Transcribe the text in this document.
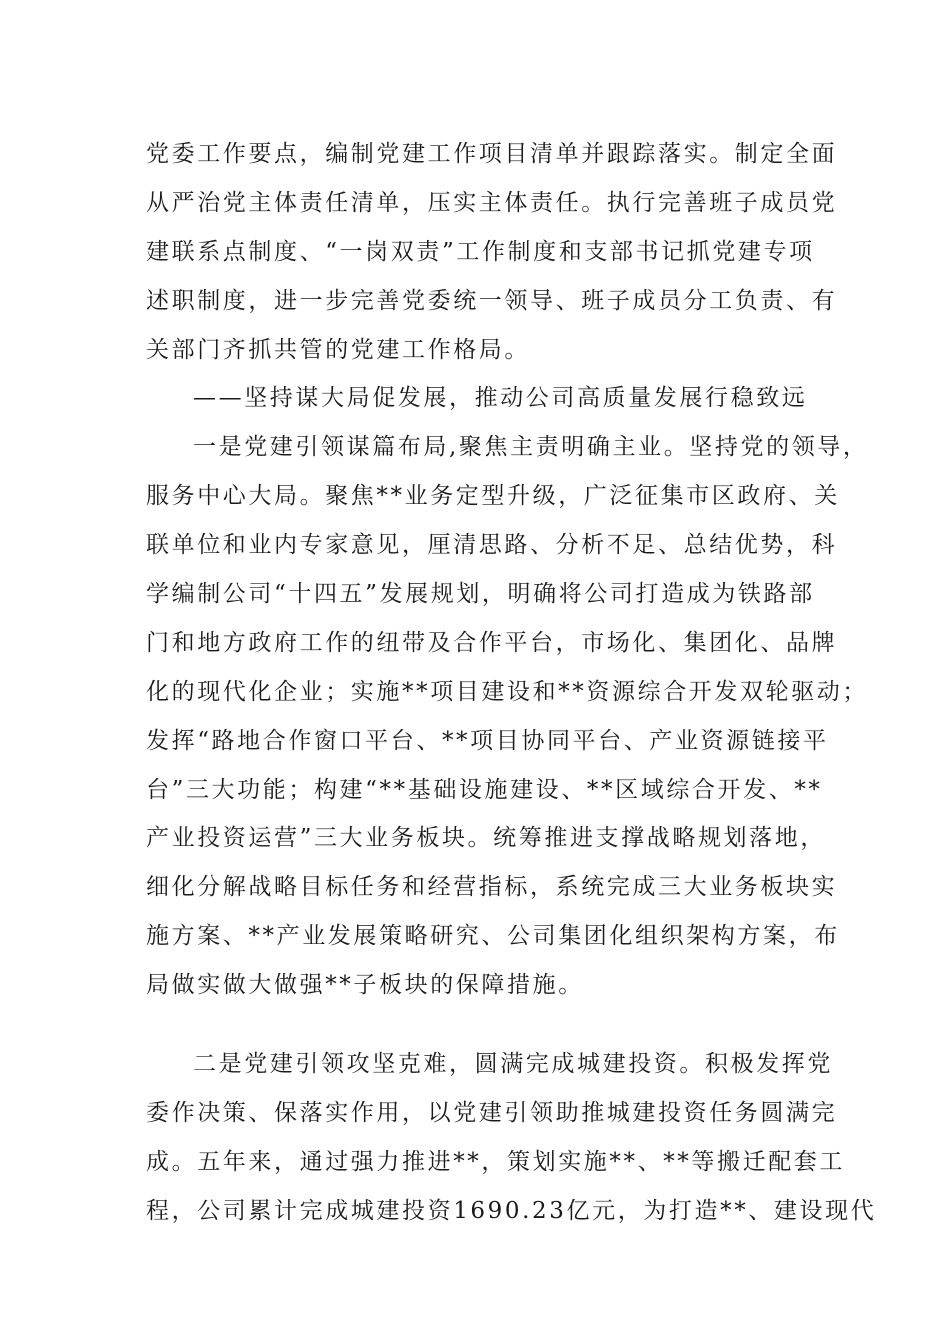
党委工作要点，编制党建工作项目清单并跟踪落实。制定全面
从严治党主体责任清单，压实主体责任。执行完善班子成员党
建联系点制度、“一岗双责”工作制度和支部书记抓党建专项
述职制度，进一步完善党委统一领导、班子成员分工负责、有
关部门齐抓共管的党建工作格局。
——坚持谋大局促发展，推动公司高质量发展行稳致远
一是党建引领谋篇布局,聚焦主责明确主业。坚持党的领导，
服务中心大局。聚焦**业务定型升级，广泛征集市区政府、关
联单位和业内专家意见，厘清思路、分析不足、总结优势，科
学编制公司“十四五”发展规划，明确将公司打造成为铁路部
门和地方政府工作的纽带及合作平台，市场化、集团化、品牌
化的现代化企业；实施**项目建设和**资源综合开发双轮驱动；
发挥“路地合作窗口平台、**项目协同平台、产业资源链接平
台”三大功能；构建“**基础设施建设、**区域综合开发、**
产业投资运营”三大业务板块。统筹推进支撑战略规划落地，
细化分解战略目标任务和经营指标，系统完成三大业务板块实
施方案、**产业发展策略研究、公司集团化组织架构方案，布
局做实做大做强**子板块的保障措施。
二是党建引领攻坚克难，圆满完成城建投资。积极发挥党
委作决策、保落实作用，以党建引领助推城建投资任务圆满完
成。五年来，通过强力推进**，策划实施**、**等搬迁配套工
程，公司累计完成城建投资1690.23亿元，为打造**、建设现代
